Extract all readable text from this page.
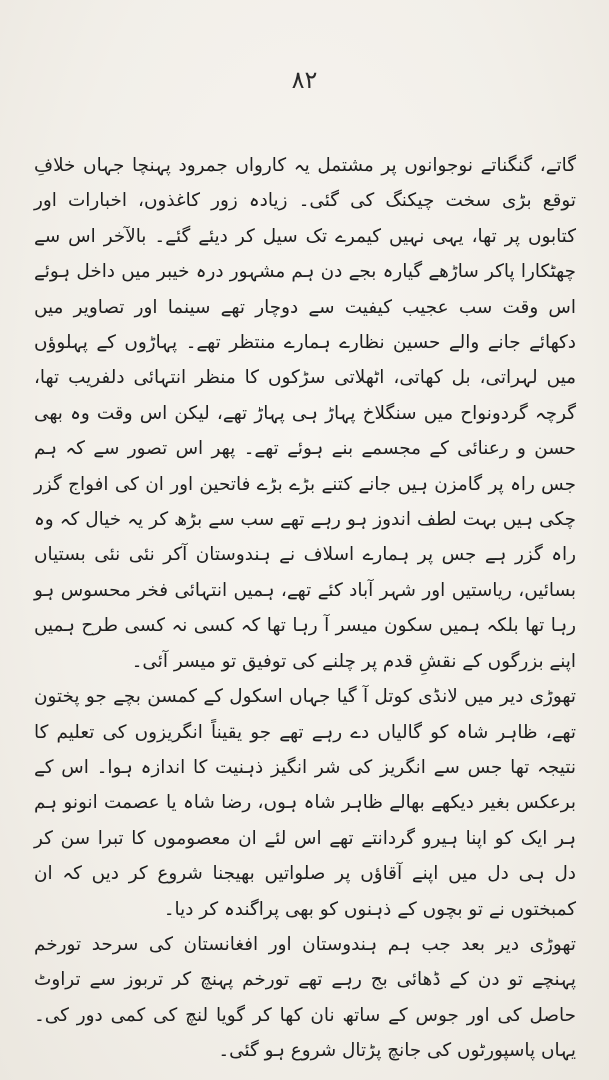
۸۲

گاتے، گنگناتے نوجوانوں پر مشتمل یہ کارواں جمرود پہنچا جہاں خلافِ توقع بڑی سخت چیکنگ کی گئی۔ زیادہ زور کاغذوں، اخبارات اور کتابوں پر تھا، یہی نہیں کیمرے تک سیل کر دیئے گئے۔ بالآخر اس سے چھٹکارا پاکر ساڑھے گیارہ بجے دن ہم مشہور درہ خیبر میں داخل ہوئے اس وقت سب عجیب کیفیت سے دوچار تھے سینما اور تصاویر میں دکھائے جانے والے حسین نظارے ہمارے منتظر تھے۔ پہاڑوں کے پہلوؤں میں لہراتی، بل کھاتی، اٹھلاتی سڑکوں کا منظر انتہائی دلفریب تھا، گرچہ گردونواح میں سنگلاخ پہاڑ ہی پہاڑ تھے، لیکن اس وقت وہ بھی حسن و رعنائی کے مجسمے بنے ہوئے تھے۔ پھر اس تصور سے کہ ہم جس راہ پر گامزن ہیں جانے کتنے بڑے بڑے فاتحین اور ان کی افواج گزر چکی ہیں بہت لطف اندوز ہو رہے تھے سب سے بڑھ کر یہ خیال کہ وہ راہ گزر ہے جس پر ہمارے اسلاف نے ہندوستان آکر نئی نئی بستیاں بسائیں، ریاستیں اور شہر آباد کئے تھے، ہمیں انتہائی فخر محسوس ہو رہا تھا بلکہ ہمیں سکون میسر آ رہا تھا کہ کسی نہ کسی طرح ہمیں اپنے بزرگوں کے نقشِ قدم پر چلنے کی توفیق تو میسر آئی۔

تھوڑی دیر میں لانڈی کوتل آ گیا جہاں اسکول کے کمسن بچے جو پختون تھے، ظاہر شاہ کو گالیاں دے رہے تھے جو یقیناً انگریزوں کی تعلیم کا نتیجہ تھا جس سے انگریز کی شر انگیز ذہنیت کا اندازہ ہوا۔ اس کے برعکس بغیر دیکھے بھالے ظاہر شاہ ہوں، رضا شاہ یا عصمت انونو ہم ہر ایک کو اپنا ہیرو گردانتے تھے اس لئے ان معصوموں کا تبرا سن کر دل ہی دل میں اپنے آقاؤں پر صلواتیں بھیجنا شروع کر دیں کہ ان کمبختوں نے تو بچوں کے ذہنوں کو بھی پراگندہ کر دیا۔

تھوڑی دیر بعد جب ہم ہندوستان اور افغانستان کی سرحد تورخم پہنچے تو دن کے ڈھائی بج رہے تھے تورخم پہنچ کر تربوز سے تراوٹ حاصل کی اور جوس کے ساتھ نان کھا کر گویا لنچ کی کمی دور کی۔ یہاں پاسپورٹوں کی جانچ پڑتال شروع ہو گئی۔
